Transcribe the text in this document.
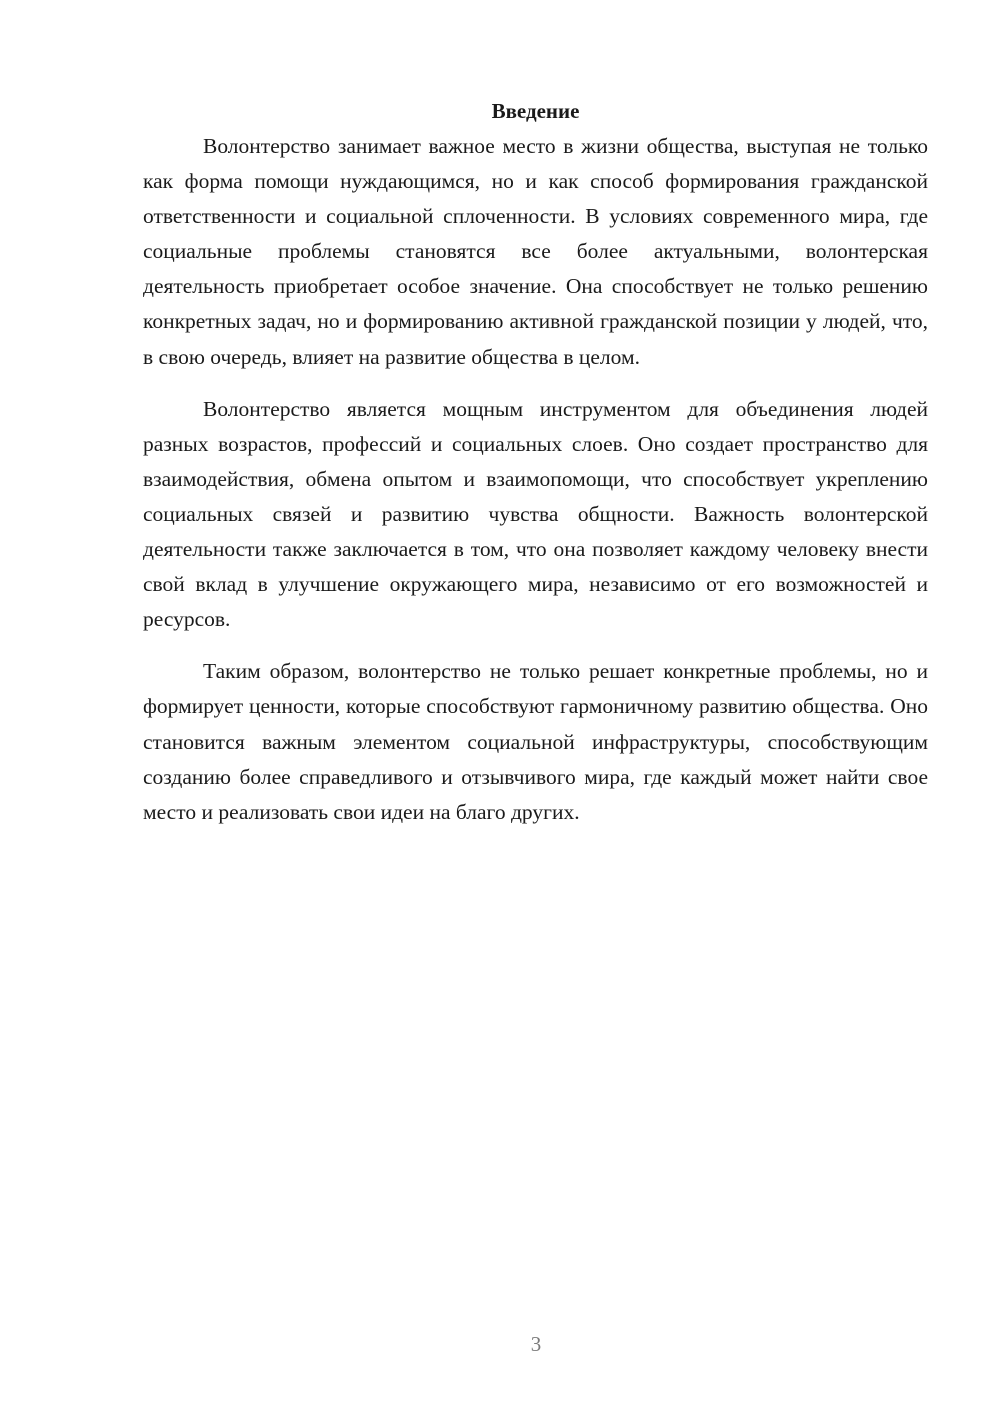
Введение

Волонтерство занимает важное место в жизни общества, выступая не только как форма помощи нуждающимся, но и как способ формирования гражданской ответственности и социальной сплоченности. В условиях современного мира, где социальные проблемы становятся все более актуальными, волонтерская деятельность приобретает особое значение. Она способствует не только решению конкретных задач, но и формированию активной гражданской позиции у людей, что, в свою очередь, влияет на развитие общества в целом.

Волонтерство является мощным инструментом для объединения людей разных возрастов, профессий и социальных слоев. Оно создает пространство для взаимодействия, обмена опытом и взаимопомощи, что способствует укреплению социальных связей и развитию чувства общности. Важность волонтерской деятельности также заключается в том, что она позволяет каждому человеку внести свой вклад в улучшение окружающего мира, независимо от его возможностей и ресурсов.

Таким образом, волонтерство не только решает конкретные проблемы, но и формирует ценности, которые способствуют гармоничному развитию общества. Оно становится важным элементом социальной инфраструктуры, способствующим созданию более справедливого и отзывчивого мира, где каждый может найти свое место и реализовать свои идеи на благо других.

3
